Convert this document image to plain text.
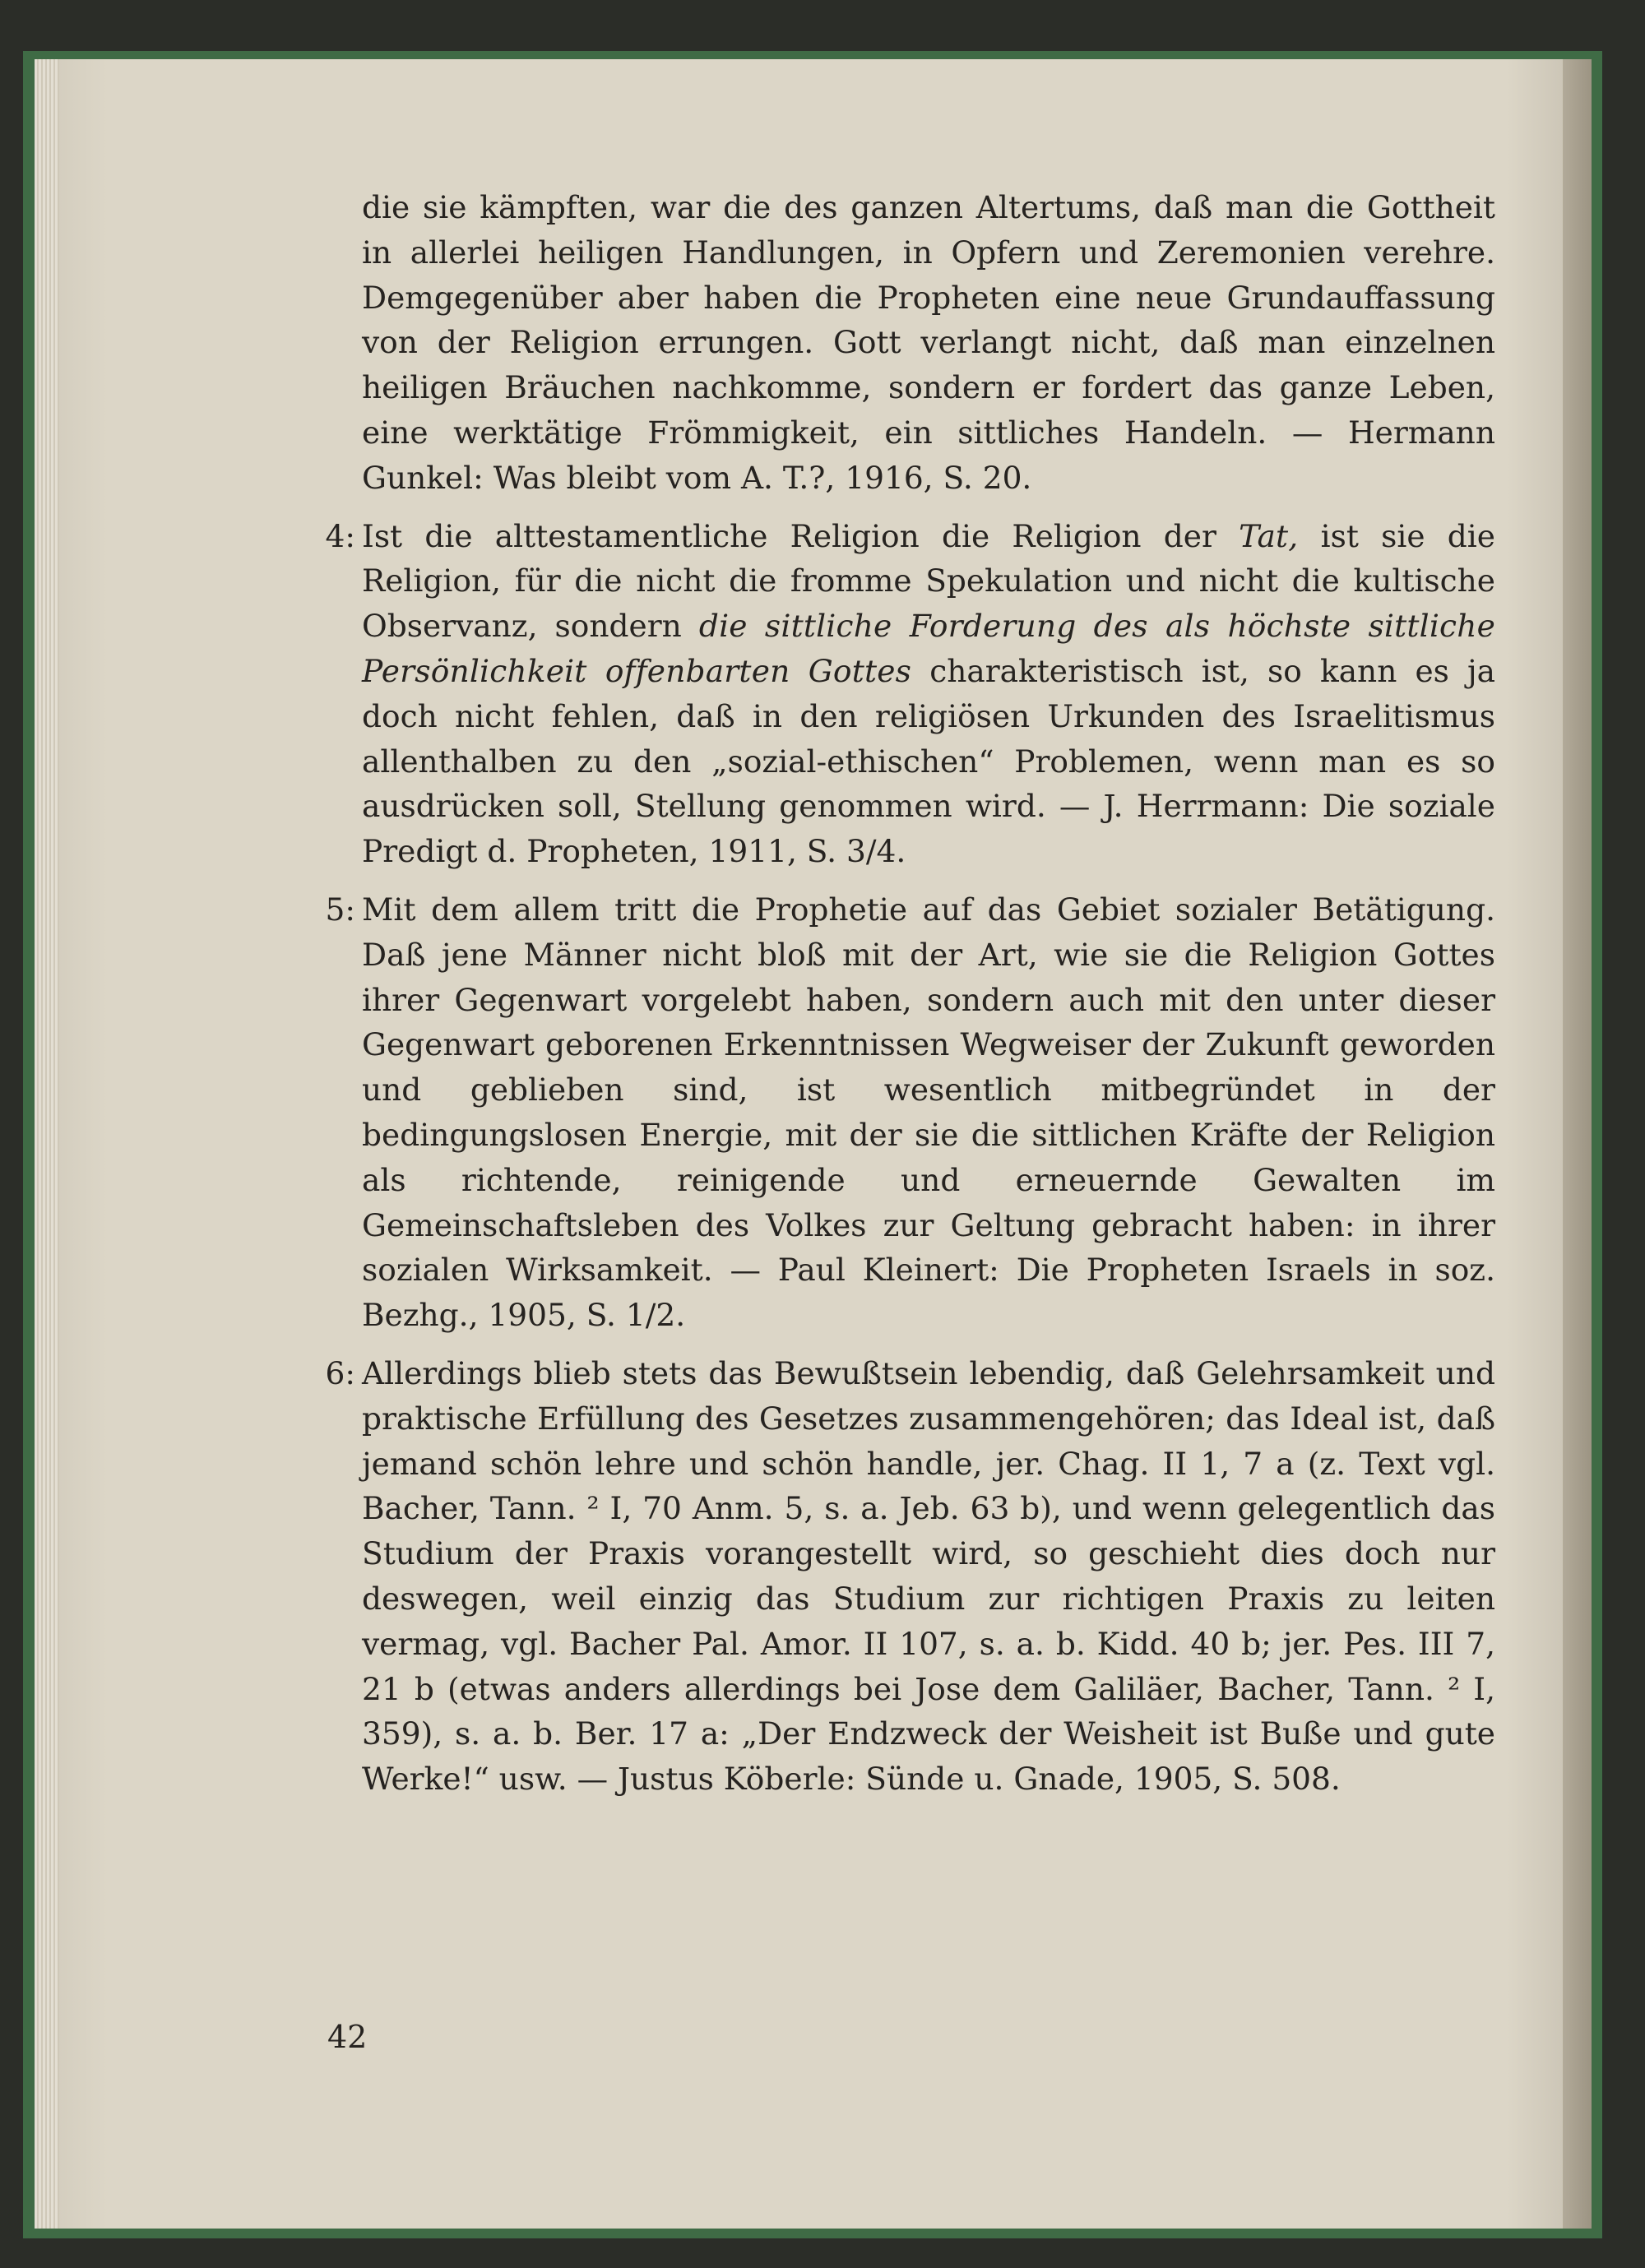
die sie kämpften, war die des ganzen Altertums, daß man die Gottheit in allerlei heiligen Handlungen, in Opfern und Zeremonien verehre. Demgegenüber aber haben die Propheten eine neue Grundauffassung von der Religion errungen. Gott verlangt nicht, daß man einzelnen heiligen Bräuchen nachkomme, sondern er fordert das ganze Leben, eine werktätige Frömmigkeit, ein sittliches Handeln. — Hermann Gunkel: Was bleibt vom A. T.?, 1916, S. 20.

4: Ist die alttestamentliche Religion die Religion der Tat, ist sie die Religion, für die nicht die fromme Spekulation und nicht die kultische Observanz, sondern die sittliche Forderung des als höchste sittliche Persönlichkeit offenbarten Gottes charakteristisch ist, so kann es ja doch nicht fehlen, daß in den religiösen Urkunden des Israelitismus allenthalben zu den „sozial-ethischen“ Problemen, wenn man es so ausdrücken soll, Stellung genommen wird. — J. Herrmann: Die soziale Predigt d. Propheten, 1911, S. 3/4.

5: Mit dem allem tritt die Prophetie auf das Gebiet sozialer Betätigung. Daß jene Männer nicht bloß mit der Art, wie sie die Religion Gottes ihrer Gegenwart vorgelebt haben, sondern auch mit den unter dieser Gegenwart geborenen Erkenntnissen Wegweiser der Zukunft geworden und geblieben sind, ist wesentlich mitbegründet in der bedingungslosen Energie, mit der sie die sittlichen Kräfte der Religion als richtende, reinigende und erneuernde Gewalten im Gemeinschaftsleben des Volkes zur Geltung gebracht haben: in ihrer sozialen Wirksamkeit. — Paul Kleinert: Die Propheten Israels in soz. Bezhg., 1905, S. 1/2.

6: Allerdings blieb stets das Bewußtsein lebendig, daß Gelehrsamkeit und praktische Erfüllung des Gesetzes zusammengehören; das Ideal ist, daß jemand schön lehre und schön handle, jer. Chag. II 1, 7 a (z. Text vgl. Bacher, Tann. ² I, 70 Anm. 5, s. a. Jeb. 63 b), und wenn gelegentlich das Studium der Praxis vorangestellt wird, so geschieht dies doch nur deswegen, weil einzig das Studium zur richtigen Praxis zu leiten vermag, vgl. Bacher Pal. Amor. II 107, s. a. b. Kidd. 40 b; jer. Pes. III 7, 21 b (etwas anders allerdings bei Jose dem Galiläer, Bacher, Tann. ² I, 359), s. a. b. Ber. 17 a: „Der Endzweck der Weisheit ist Buße und gute Werke!“ usw. — Justus Köberle: Sünde u. Gnade, 1905, S. 508.

42
